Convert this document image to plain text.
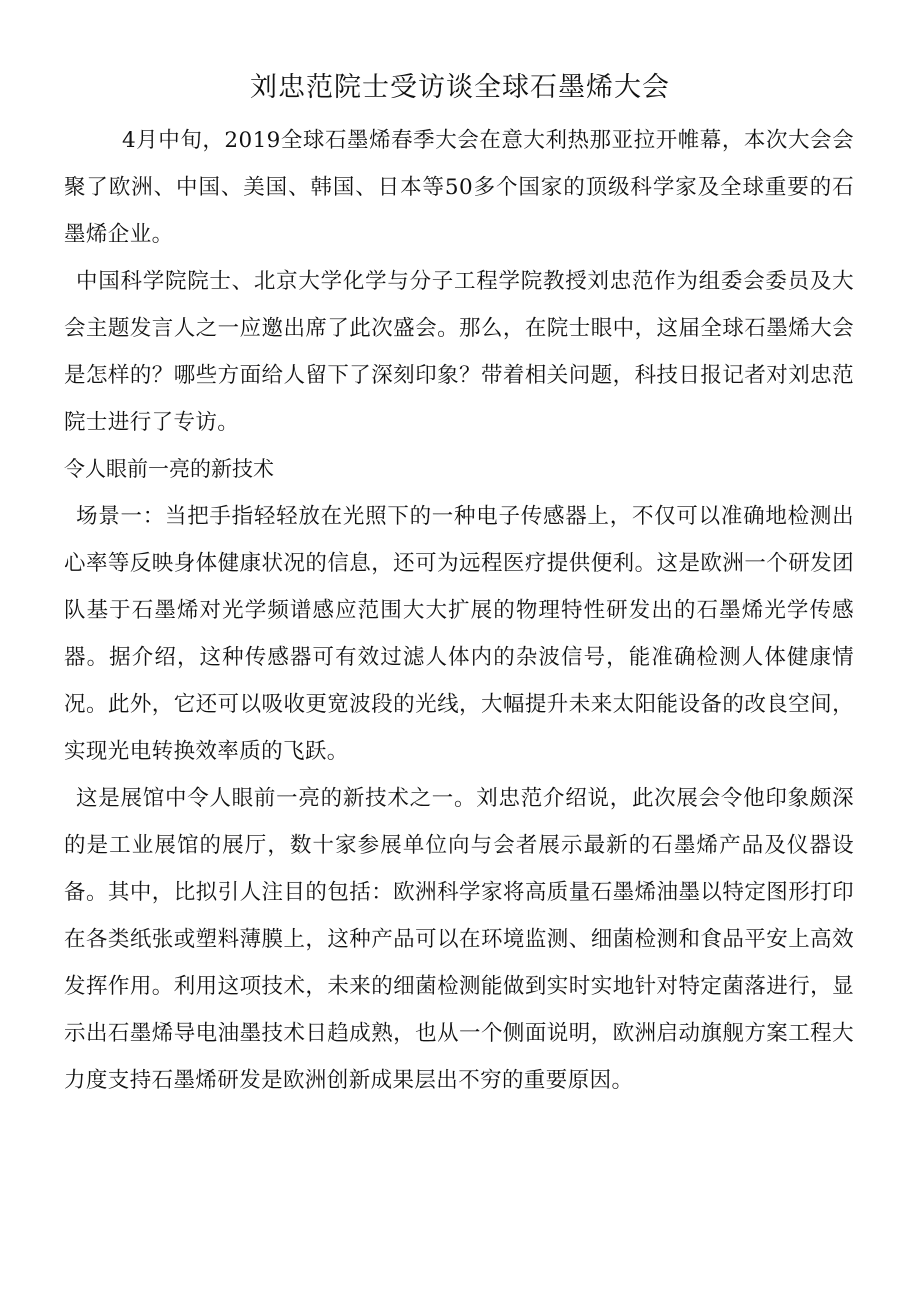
刘忠范院士受访谈全球石墨烯大会

4月中旬，2019全球石墨烯春季大会在意大利热那亚拉开帷幕，本次大会会聚了欧洲、中国、美国、韩国、日本等50多个国家的顶级科学家及全球重要的石墨烯企业。

中国科学院院士、北京大学化学与分子工程学院教授刘忠范作为组委会委员及大会主题发言人之一应邀出席了此次盛会。那么，在院士眼中，这届全球石墨烯大会是怎样的？哪些方面给人留下了深刻印象？带着相关问题，科技日报记者对刘忠范院士进行了专访。

令人眼前一亮的新技术

场景一：当把手指轻轻放在光照下的一种电子传感器上，不仅可以准确地检测出心率等反映身体健康状况的信息，还可为远程医疗提供便利。这是欧洲一个研发团队基于石墨烯对光学频谱感应范围大大扩展的物理特性研发出的石墨烯光学传感器。据介绍，这种传感器可有效过滤人体内的杂波信号，能准确检测人体健康情况。此外，它还可以吸收更宽波段的光线，大幅提升未来太阳能设备的改良空间，实现光电转换效率质的飞跃。

这是展馆中令人眼前一亮的新技术之一。刘忠范介绍说，此次展会令他印象颇深的是工业展馆的展厅，数十家参展单位向与会者展示最新的石墨烯产品及仪器设备。其中，比拟引人注目的包括：欧洲科学家将高质量石墨烯油墨以特定图形打印在各类纸张或塑料薄膜上，这种产品可以在环境监测、细菌检测和食品平安上高效发挥作用。利用这项技术，未来的细菌检测能做到实时实地针对特定菌落进行，显示出石墨烯导电油墨技术日趋成熟，也从一个侧面说明，欧洲启动旗舰方案工程大力度支持石墨烯研发是欧洲创新成果层出不穷的重要原因。
